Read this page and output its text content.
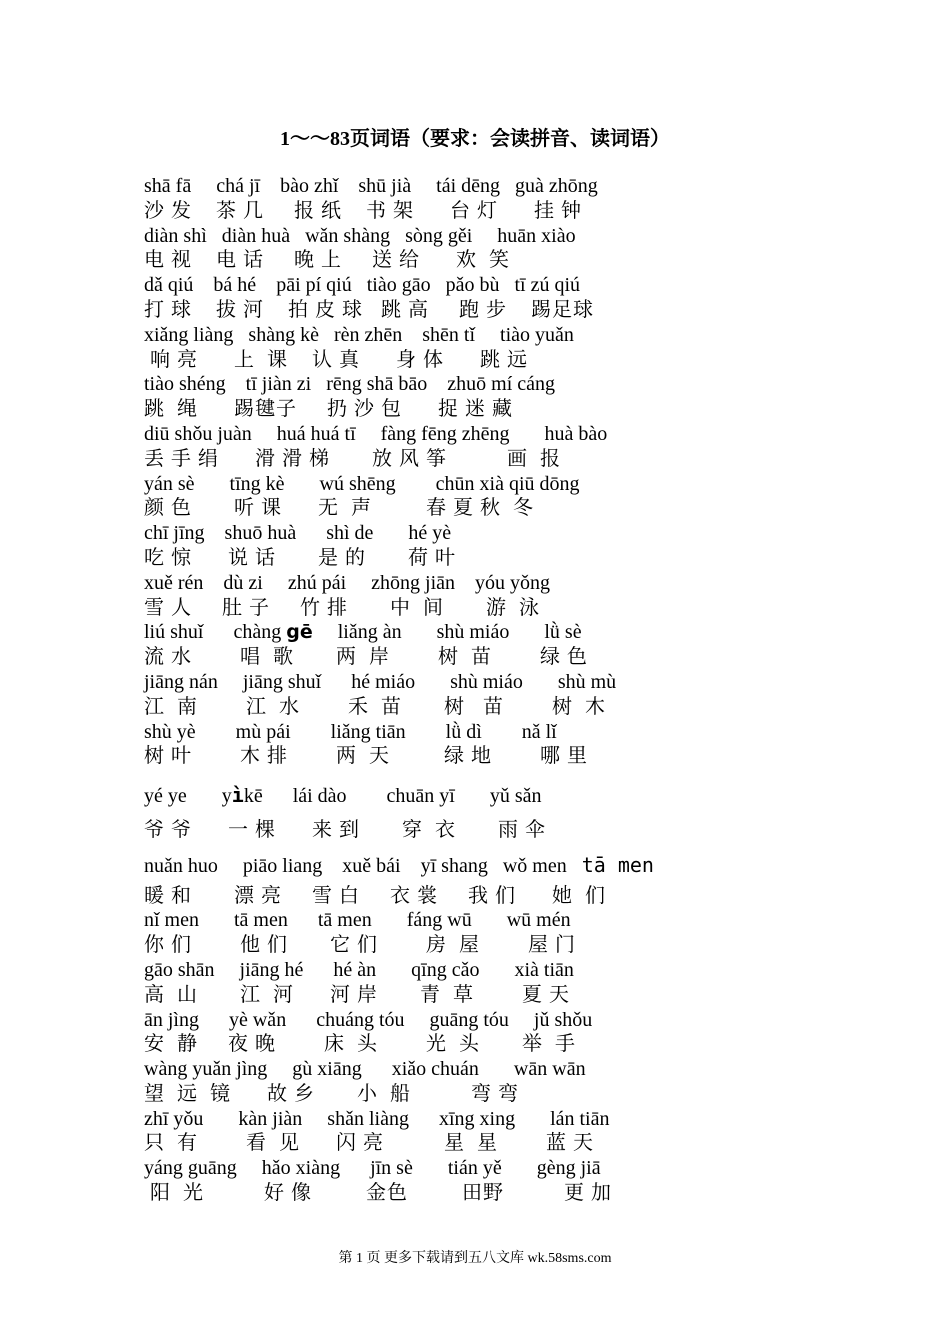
1～～83页词语（要求：会读拼音、读词语）
shā fā     chá jī    bào zhǐ    shū jià     tái dēng   guà zhōng
沙 发    茶 几     报 纸    书 架      台 灯      挂 钟
diàn shì   diàn huà   wǎn shàng   sòng gěi     huān xiào
电 视    电 话     晚 上     送 给      欢  笑
dǎ qiú    bá hé    pāi pí qiú   tiào gāo   pǎo bù   tī zú qiú
打 球    拔 河    拍 皮 球   跳 高     跑 步    踢足球
xiǎng liàng   shàng kè   rèn zhēn    shēn tǐ     tiào yuǎn
响 亮      上  课    认 真      身 体      跳 远
tiào shéng    tī jiàn zi   rēng shā bāo    zhuō mí cáng
跳  绳      踢毽子     扔 沙 包      捉 迷 藏
diū shǒu juàn     huá huá tī     fàng fēng zhēng       huà bào
丢 手 绢      滑 滑 梯       放 风 筝          画  报
yán sè       tīng kè       wú shēng        chūn xià qiū dōng
颜 色       听 课      无  声         春 夏 秋  冬
chī jīng    shuō huà      shì de       hé yè
吃 惊      说 话       是 的       荷 叶
xuě rén    dù zi     zhú pái     zhōng jiān    yóu yǒng
雪 人     肚 子     竹 排       中  间       游  泳
liú shuǐ      chàng gē     liǎng àn       shù miáo       lǜ sè
流 水        唱  歌       两  岸        树  苗        绿 色
jiāng nán     jiāng shuǐ      hé miáo       shù miáo       shù mù
江  南        江  水        禾  苗       树   苗        树  木
shù yè        mù pái        liǎng tiān        lǜ dì        nǎ lǐ
树 叶        木 排        两  天         绿 地        哪 里
yé ye       yìkē      lái dào        chuān yī       yǔ sǎn
爷 爷      一 棵      来 到       穿  衣       雨 伞
nuǎn huo     piāo liang    xuě bái    yī shang   wǒ men   tā men
暖 和       漂 亮     雪 白     衣 裳     我 们      她  们
nǐ men       tā men      tā men       fáng wū       wū mén
你 们        他 们       它 们        房  屋        屋 门
gāo shān     jiāng hé      hé àn       qīng cǎo       xià tiān
高  山       江  河      河 岸       青  草        夏 天
ān jìng      yè wǎn      chuáng tóu     guāng tóu     jǔ shǒu
安  静     夜 晚        床  头        光  头       举  手
wàng yuǎn jìng     gù xiāng      xiǎo chuán       wān wān
望  远  镜      故 乡       小  船          弯 弯
zhī yǒu       kàn jiàn     shǎn liàng      xīng xing       lán tiān
只  有        看  见      闪 亮          星  星        蓝 天
yáng guāng     hǎo xiàng      jīn sè       tián yě       gèng jiā
阳  光          好 像         金色         田野          更 加
第 1 页 更多下载请到五八文库 wk.58sms.com
